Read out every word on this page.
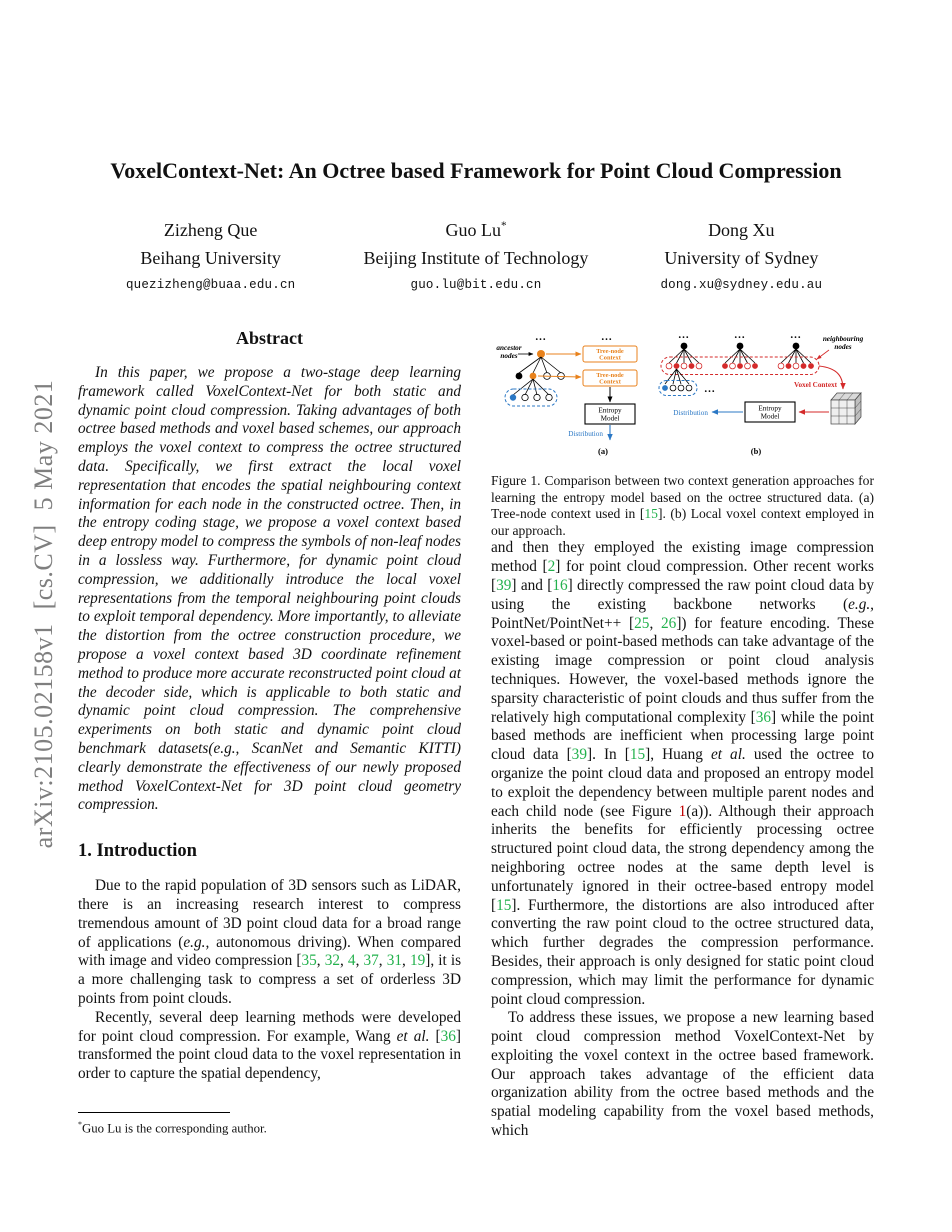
arXiv:2105.02158v1  [cs.CV]  5 May 2021
VoxelContext-Net: An Octree based Framework for Point Cloud Compression
Zizheng Que
Beihang University
quezizheng@buaa.edu.cn
Guo Lu*
Beijing Institute of Technology
guo.lu@bit.edu.cn
Dong Xu
University of Sydney
dong.xu@sydney.edu.au
Abstract

In this paper, we propose a two-stage deep learning framework called VoxelContext-Net for both static and dynamic point cloud compression. Taking advantages of both octree based methods and voxel based schemes, our approach employs the voxel context to compress the octree structured data. Specifically, we first extract the local voxel representation that encodes the spatial neighbouring context information for each node in the constructed octree. Then, in the entropy coding stage, we propose a voxel context based deep entropy model to compress the symbols of non-leaf nodes in a lossless way. Furthermore, for dynamic point cloud compression, we additionally introduce the local voxel representations from the temporal neighbouring point clouds to exploit temporal dependency. More importantly, to alleviate the distortion from the octree construction procedure, we propose a voxel context based 3D coordinate refinement method to produce more accurate reconstructed point cloud at the decoder side, which is applicable to both static and dynamic point cloud compression. The comprehensive experiments on both static and dynamic point cloud benchmark datasets(e.g., ScanNet and Semantic KITTI) clearly demonstrate the effectiveness of our newly proposed method VoxelContext-Net for 3D point cloud geometry compression.

1. Introduction

Due to the rapid population of 3D sensors such as LiDAR, there is an increasing research interest to compress tremendous amount of 3D point cloud data for a broad range of applications (e.g., autonomous driving). When compared with image and video compression [35, 32, 4, 37, 31, 19], it is a more challenging task to compress a set of orderless 3D points from point clouds.

Recently, several deep learning methods were developed for point cloud compression. For example, Wang et al. [36] transformed the point cloud data to the voxel representation in order to capture the spatial dependency,

...	...
ancestor
nodes
Tree-node
Context
Tree-node
Context
Entropy
Model
Distribution
(a)
...	...	...	neighbouring
nodes
Voxel Context
Entropy
Model
Distribution
...
(b)
Figure 1. Comparison between two context generation approaches for learning the entropy model based on the octree structured data. (a) Tree-node context used in [15]. (b) Local voxel context employed in our approach.

and then they employed the existing image compression method [2] for point cloud compression. Other recent works [39] and [16] directly compressed the raw point cloud data by using the existing backbone networks (e.g., PointNet/PointNet++ [25, 26]) for feature encoding. These voxel-based or point-based methods can take advantage of the existing image compression or point cloud analysis techniques. However, the voxel-based methods ignore the sparsity characteristic of point clouds and thus suffer from the relatively high computational complexity [36] while the point based methods are inefficient when processing large point cloud data [39]. In [15], Huang et al. used the octree to organize the point cloud data and proposed an entropy model to exploit the dependency between multiple parent nodes and each child node (see Figure 1(a)). Although their approach inherits the benefits for efficiently processing octree structured point cloud data, the strong dependency among the neighboring octree nodes at the same depth level is unfortunately ignored in their octree-based entropy model [15]. Furthermore, the distortions are also introduced after converting the raw point cloud to the octree structured data, which further degrades the compression performance. Besides, their approach is only designed for static point cloud compression, which may limit the performance for dynamic point cloud compression.

To address these issues, we propose a new learning based point cloud compression method VoxelContext-Net by exploiting the voxel context in the octree based framework. Our approach takes advantage of the efficient data organization ability from the octree based methods and the spatial modeling capability from the voxel based methods, which

*Guo Lu is the corresponding author.
